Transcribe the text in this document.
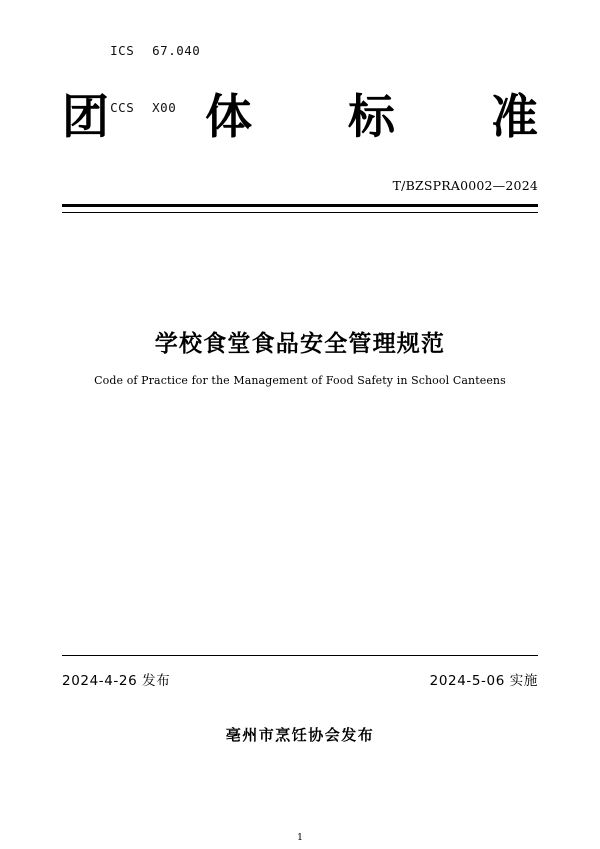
ICS 67.040

CCS X00

团 体 标 准
T/BZSPRA0002—2024
学校食堂食品安全管理规范
Code of Practice for the Management of Food Safety in School Canteens
2024-4-26 发布	2024-5-06 实施
亳州市烹饪协会发布
1
